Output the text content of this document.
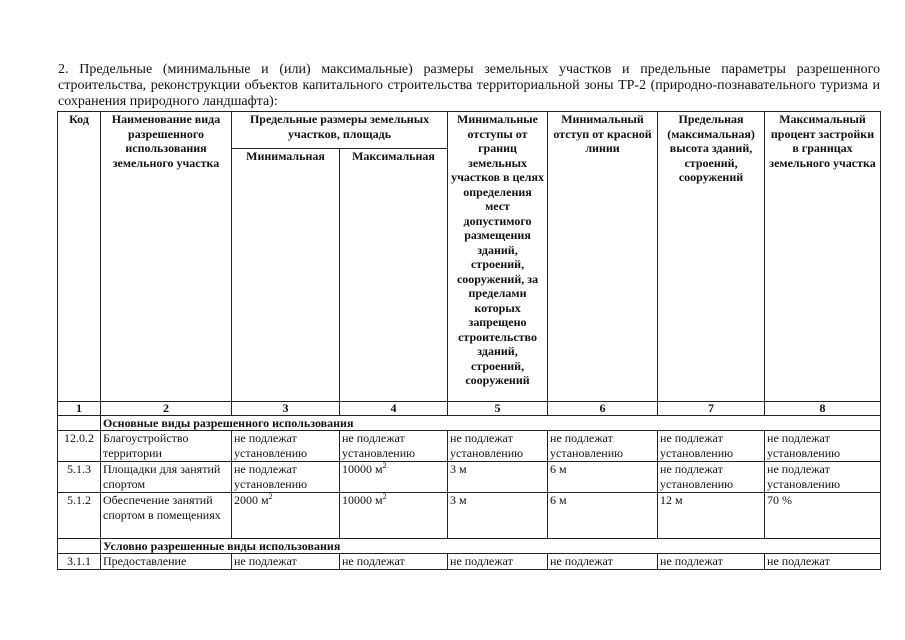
2. Предельные (минимальные и (или) максимальные) размеры земельных участков и предельные параметры разрешенного строительства, реконструкции объектов капитального строительства территориальной зоны ТР-2 (природно-познавательного туризма и сохранения природного ландшафта):

Код	Наименование вида разрешенного использования земельного участка	Предельные размеры земельных участков, площадь		Минимальные отступы от границ земельных участков в целях определения мест допустимого размещения зданий, строений, сооружений, за пределами которых запрещено строительство зданий, строений, сооружений	Минимальный отступ от красной линии	Предельная (максимальная) высота зданий, строений, сооружений	Максимальный процент застройки в границах земельного участка
		Минимальная	Максимальная				
1	2	3	4	5	6	7	8
	Основные виды разрешенного использования						
12.0.2	Благоустройство территории	не подлежат установлению	не подлежат установлению	не подлежат установлению	не подлежат установлению	не подлежат установлению	не подлежат установлению
5.1.3	Площадки для занятий спортом	не подлежат установлению	10000 $м^2$	3 м	6 м	не подлежат установлению	не подлежат установлению
5.1.2	Обеспечение занятий спортом в помещениях	2000 $м^2$	10000 $м^2$	3 м	6 м	12 м	70 %
	Условно разрешенные виды использования						
3.1.1	Предоставление	не подлежат	не подлежат	не подлежат	не подлежат	не подлежат	не подлежат
